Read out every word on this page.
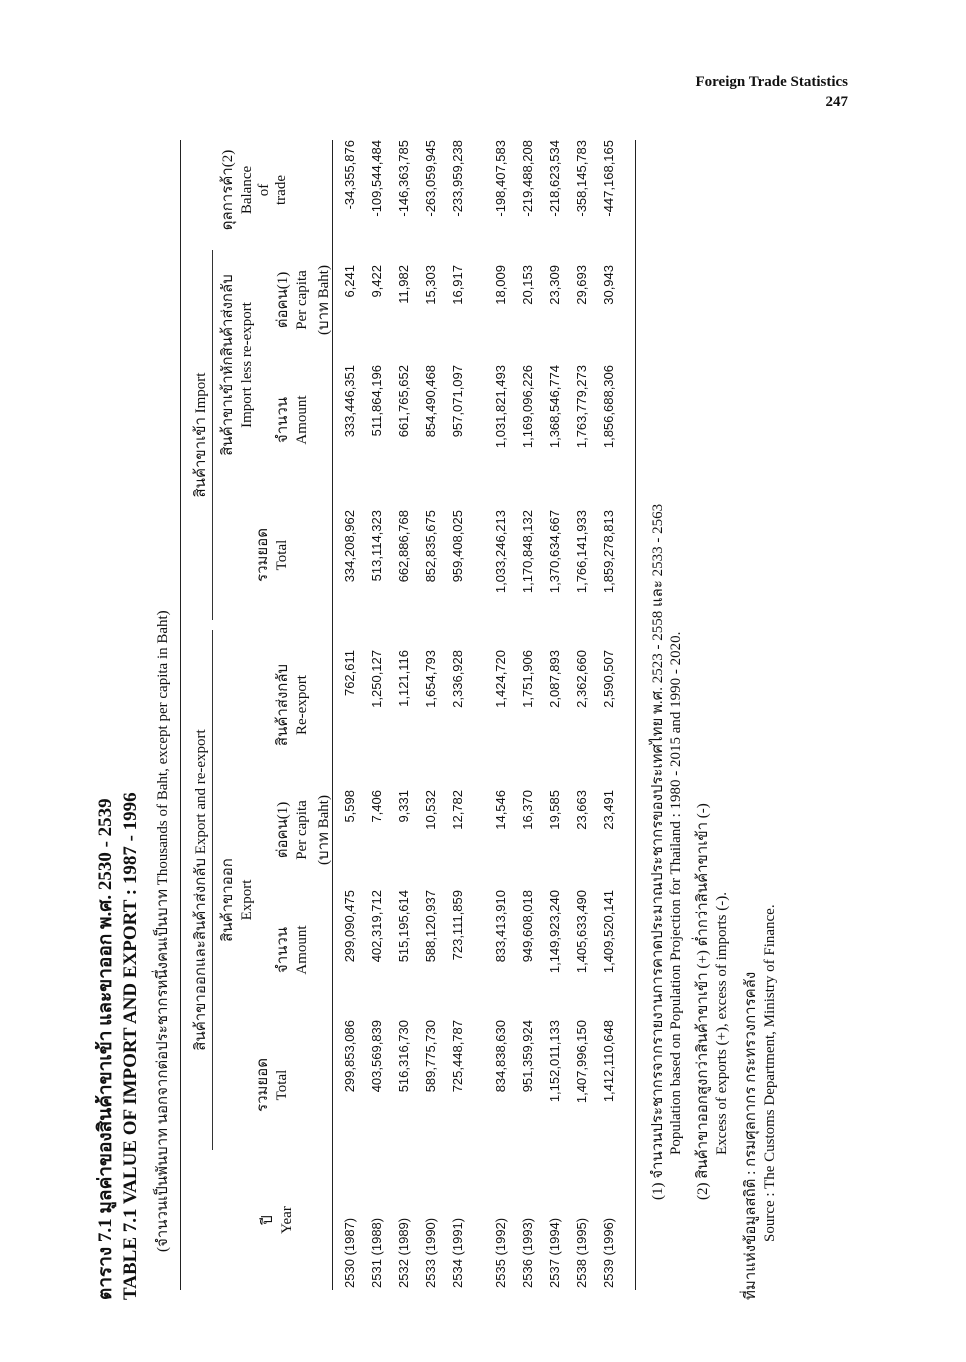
Foreign Trade Statistics
247
ตาราง 7.1 มูลค่าของสินค้าขาเข้า และขาออก พ.ศ. 2530 - 2539 TABLE 7.1 VALUE OF IMPORT AND EXPORT : 1987 - 1996 (จำนวนเป็นพันบาท นอกจากต่อประชากรหนึ่งคนเป็นบาท Thousands of Baht, except per capita in Baht)	ปี Year
สินค้าขาออกและสินค้าส่งกลับ Export and re-export
สินค้าขาเข้า Import
รวมยอด Total
สินค้าขาออก Export
จำนวน Amount
ต่อคน(1) Per capita (บาท Baht)
สินค้าส่งกลับ Re-export
รวมยอด Total
สินค้าขาเข้าหักสินค้าส่งกลับ Import less re-export	จำนวน Amount
ต่อคน(1) Per capita (บาท Baht)
ดุลการค้า(2) Balance of trade
2530 (1987)
299,853,086
299,090,475
5,598
762,611
334,208,962
333,446,351
6,241
-34,355,876
2531 (1988)
403,569,839
402,319,712
7,406
1,250,127
513,114,323
511,864,196
9,422
-109,544,484
2532 (1989)
516,316,730
515,195,614
9,331
1,121,116
662,886,768
661,765,652
11,982
-146,363,785
2533 (1990)
589,775,730
588,120,937
10,532
1,654,793
852,835,675
854,490,468
15,303
-263,059,945
2534 (1991)
725,448,787
723,111,859
12,782
2,336,928
959,408,025
957,071,097
16,917
-233,959,238
2535 (1992)
834,838,630
833,413,910
14,546
1,424,720
1,033,246,213
1,031,821,493
18,009
-198,407,583
2536 (1993)
951,359,924
949,608,018
16,370
1,751,906
1,170,848,132
1,169,096,226
20,153
-219,488,208
2537 (1994)
1,152,011,133
1,149,923,240
19,585
2,087,893
1,370,634,667
1,368,546,774
23,309
-218,623,534
2538 (1995)
1,407,996,150
1,405,633,490
23,663
2,362,660
1,766,141,933
1,763,779,273
29,693
-358,145,783
2539 (1996)
1,412,110,648
1,409,520,141
23,491
2,590,507
1,859,278,813
1,856,688,306
30,943
-447,168,165
(1) จำนวนประชากรจากรายงานการคาดประมาณประชากรของประเทศไทย พ.ศ. 2523 - 2558 และ 2533 - 2563 Population based on Population Projection for Thailand : 1980 - 2015 and 1990 - 2020. (2) สินค้าขาออกสูงกว่าสินค้าขาเข้า (+) ต่ำกว่าสินค้าขาเข้า (-) Excess of exports (+), excess of imports (-). ที่มาแห่งข้อมูลสถิติ : กรมศุลกากร กระทรวงการคลัง Source : The Customs Department, Ministry of Finance.
